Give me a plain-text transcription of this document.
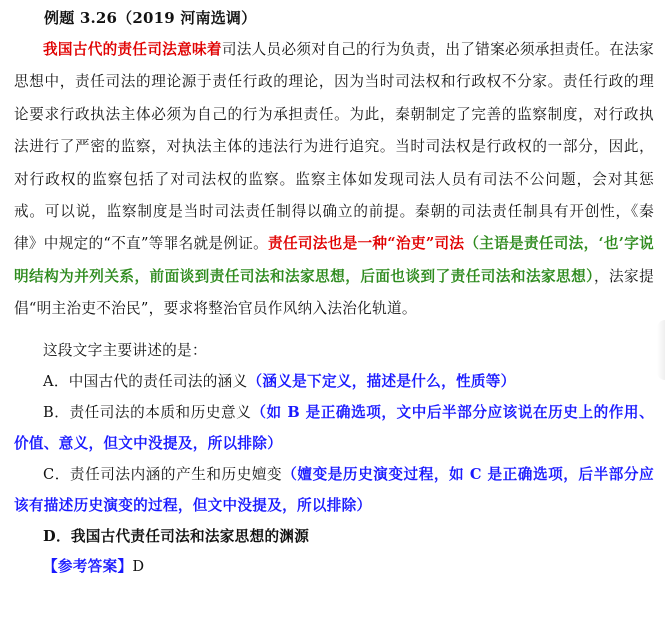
例题 3.26（2019 河南选调）
我国古代的责任司法意味着司法人员必须对自己的行为负责，出了错案必须承担责任。在法家思想中，责任司法的理论源于责任行政的理论，因为当时司法权和行政权不分家。责任行政的理论要求行政执法主体必须为自己的行为承担责任。为此，秦朝制定了完善的监察制度，对行政执法进行了严密的监察，对执法主体的违法行为进行追究。当时司法权是行政权的一部分，因此，对行政权的监察包括了对司法权的监察。监察主体如发现司法人员有司法不公问题，会对其惩戒。可以说，监察制度是当时司法责任制得以确立的前提。秦朝的司法责任制具有开创性，《秦律》中规定的“不直”等罪名就是例证。责任司法也是一种“治吏”司法（主语是责任司法，‘也’字说明结构为并列关系，前面谈到责任司法和法家思想，后面也谈到了责任司法和法家思想），法家提倡“明主治吏不治民”，要求将整治官员作风纳入法治化轨道。
这段文字主要讲述的是：
A．中国古代的责任司法的涵义（涵义是下定义，描述是什么，性质等）
B．责任司法的本质和历史意义（如 B 是正确选项，文中后半部分应该说在历史上的作用、价值、意义，但文中没提及，所以排除）
C．责任司法内涵的产生和历史嬗变（嬗变是历史演变过程，如 C 是正确选项，后半部分应该有描述历史演变的过程，但文中没提及，所以排除）
D．我国古代责任司法和法家思想的渊源
【参考答案】D
